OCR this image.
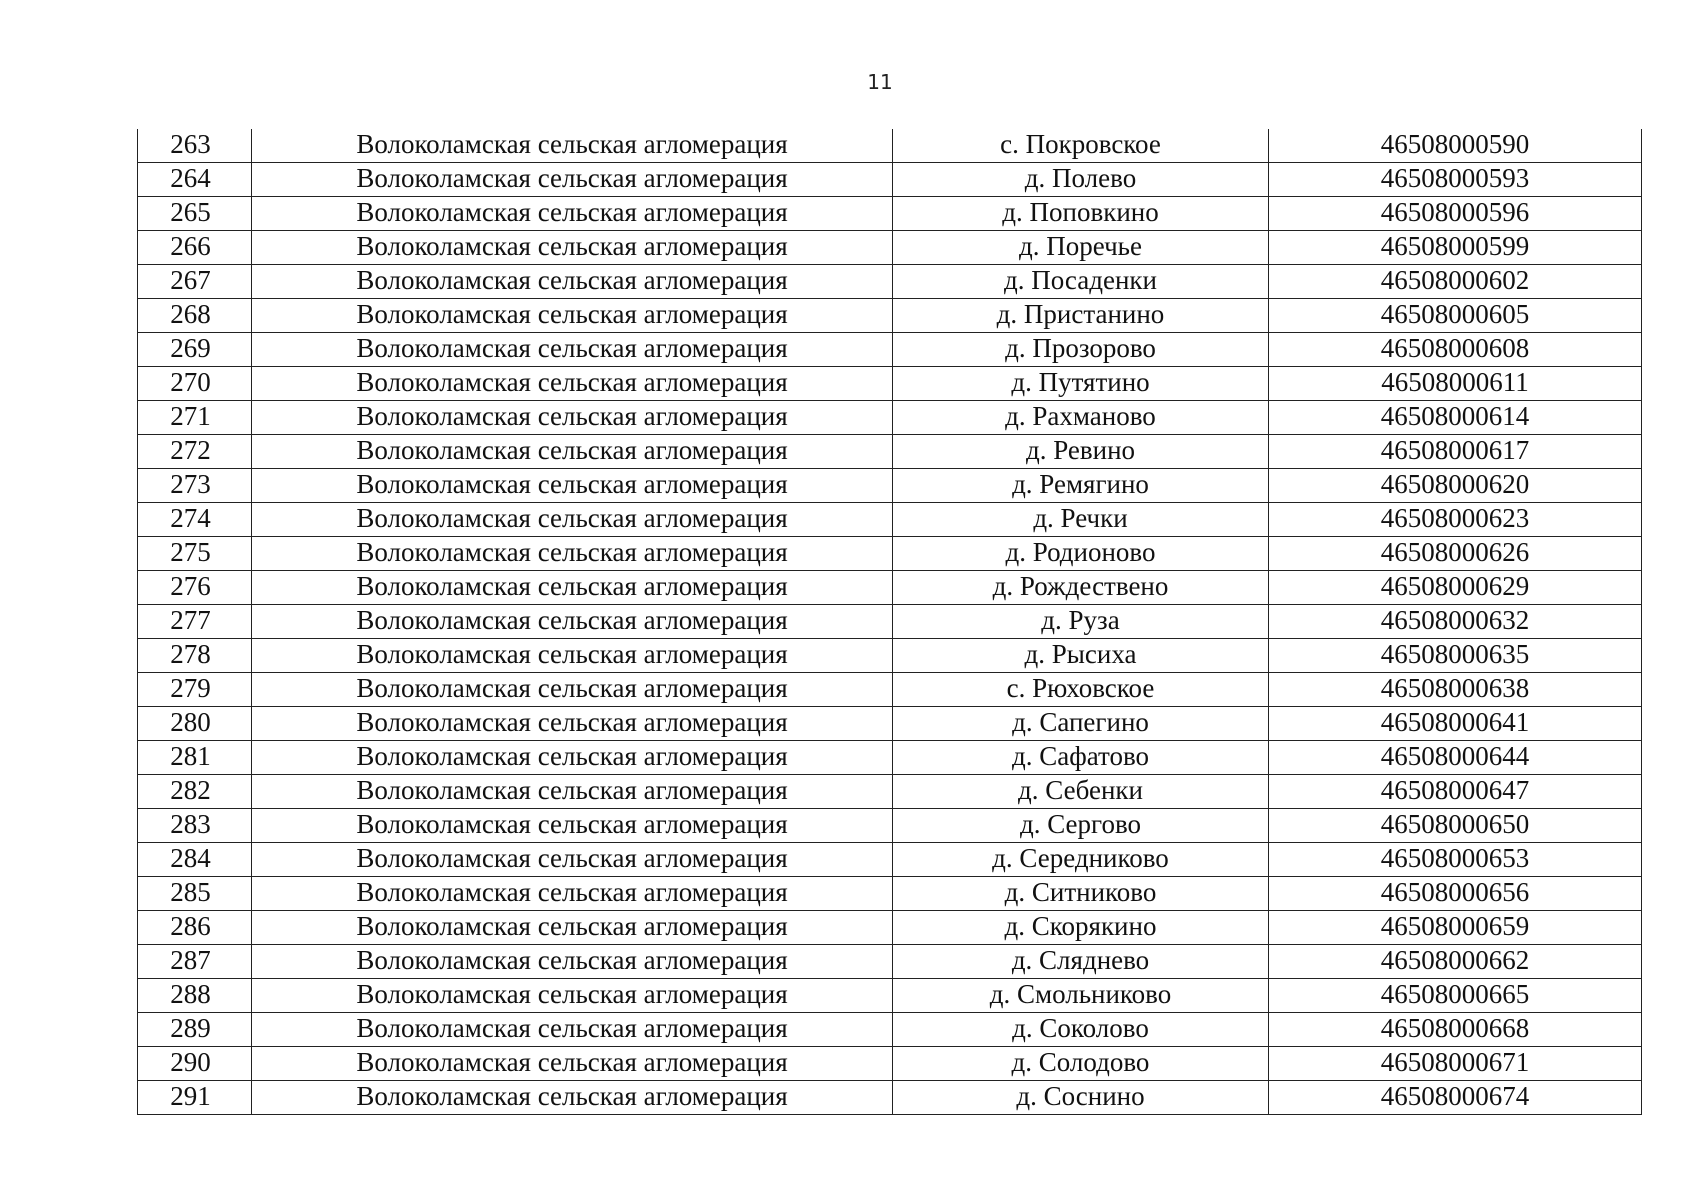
11
263	Волоколамская сельская агломерация	с. Покровское	46508000590
264	Волоколамская сельская агломерация	д. Полево	46508000593
265	Волоколамская сельская агломерация	д. Поповкино	46508000596
266	Волоколамская сельская агломерация	д. Поречье	46508000599
267	Волоколамская сельская агломерация	д. Посаденки	46508000602
268	Волоколамская сельская агломерация	д. Пристанино	46508000605
269	Волоколамская сельская агломерация	д. Прозорово	46508000608
270	Волоколамская сельская агломерация	д. Путятино	46508000611
271	Волоколамская сельская агломерация	д. Рахманово	46508000614
272	Волоколамская сельская агломерация	д. Ревино	46508000617
273	Волоколамская сельская агломерация	д. Ремягино	46508000620
274	Волоколамская сельская агломерация	д. Речки	46508000623
275	Волоколамская сельская агломерация	д. Родионово	46508000626
276	Волоколамская сельская агломерация	д. Рождествено	46508000629
277	Волоколамская сельская агломерация	д. Руза	46508000632
278	Волоколамская сельская агломерация	д. Рысиха	46508000635
279	Волоколамская сельская агломерация	с. Рюховское	46508000638
280	Волоколамская сельская агломерация	д. Сапегино	46508000641
281	Волоколамская сельская агломерация	д. Сафатово	46508000644
282	Волоколамская сельская агломерация	д. Себенки	46508000647
283	Волоколамская сельская агломерация	д. Сергово	46508000650
284	Волоколамская сельская агломерация	д. Середниково	46508000653
285	Волоколамская сельская агломерация	д. Ситниково	46508000656
286	Волоколамская сельская агломерация	д. Скорякино	46508000659
287	Волоколамская сельская агломерация	д. Сляднево	46508000662
288	Волоколамская сельская агломерация	д. Смольниково	46508000665
289	Волоколамская сельская агломерация	д. Соколово	46508000668
290	Волоколамская сельская агломерация	д. Солодово	46508000671
291	Волоколамская сельская агломерация	д. Соснино	46508000674
